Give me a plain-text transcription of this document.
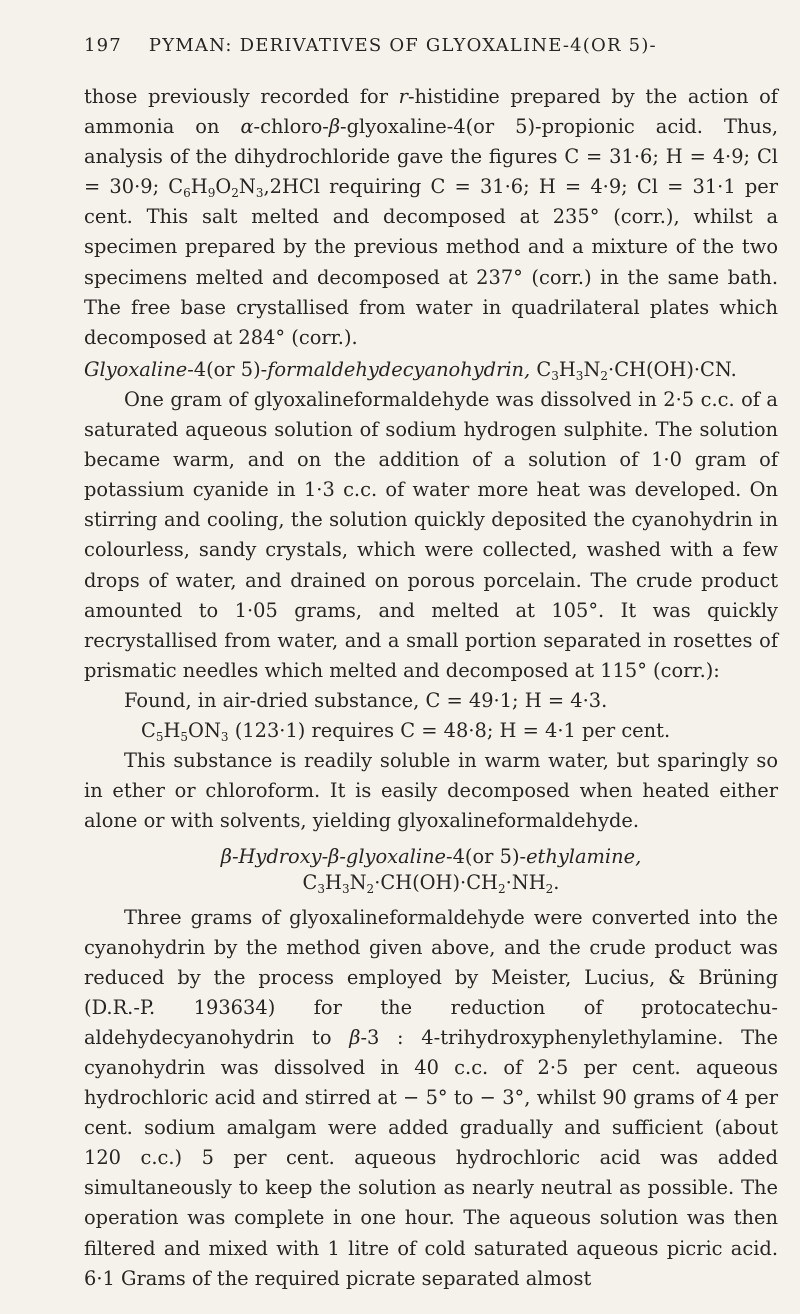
197 PYMAN: DERIVATIVES OF GLYOXALINE-4(OR 5)-

those previously recorded for r-histidine prepared by the action of ammonia on α-chloro-β-glyoxaline-4(or 5)-propionic acid. Thus, analysis of the dihydrochloride gave the figures C = 31·6; H = 4·9; Cl = 30·9; $C_6H_9O_2N_3,2HCl$ requiring C = 31·6; H = 4·9; Cl = 31·1 per cent. This salt melted and decomposed at 235° (corr.), whilst a specimen prepared by the previous method and a mixture of the two specimens melted and decomposed at 237° (corr.) in the same bath. The free base crystallised from water in quadrilateral plates which decomposed at 284° (corr.).

Glyoxaline-4(or 5)-formaldehydecyanohydrin, $C_3H_3N_2\cdot CH(OH)\cdot CN$.

One gram of glyoxalineformaldehyde was dissolved in 2·5 c.c. of a saturated aqueous solution of sodium hydrogen sulphite. The solution became warm, and on the addition of a solution of 1·0 gram of potassium cyanide in 1·3 c.c. of water more heat was developed. On stirring and cooling, the solution quickly deposited the cyanohydrin in colourless, sandy crystals, which were collected, washed with a few drops of water, and drained on porous porcelain. The crude product amounted to 1·05 grams, and melted at 105°. It was quickly recrystallised from water, and a small portion separated in rosettes of prismatic needles which melted and decomposed at 115° (corr.):

Found, in air-dried substance, C = 49·1; H = 4·3.

$C_5H_5ON_3$ (123·1) requires C = 48·8; H = 4·1 per cent.

This substance is readily soluble in warm water, but sparingly so in ether or chloroform. It is easily decomposed when heated either alone or with solvents, yielding glyoxalineformaldehyde.

β-Hydroxy-β-glyoxaline-4(or 5)-ethylamine,
$C_3H_3N_2\cdot CH(OH)\cdot CH_2\cdot NH_2$.

Three grams of glyoxalineformaldehyde were converted into the cyanohydrin by the method given above, and the crude product was reduced by the process employed by Meister, Lucius, & Brüning (D.R.-P. 193634) for the reduction of protocatechu-aldehydecyanohydrin to β-3 : 4-trihydroxyphenylethylamine. The cyanohydrin was dissolved in 40 c.c. of 2·5 per cent. aqueous hydrochloric acid and stirred at − 5° to − 3°, whilst 90 grams of 4 per cent. sodium amalgam were added gradually and sufficient (about 120 c.c.) 5 per cent. aqueous hydrochloric acid was added simultaneously to keep the solution as nearly neutral as possible. The operation was complete in one hour. The aqueous solution was then filtered and mixed with 1 litre of cold saturated aqueous picric acid. 6·1 Grams of the required picrate separated almost
